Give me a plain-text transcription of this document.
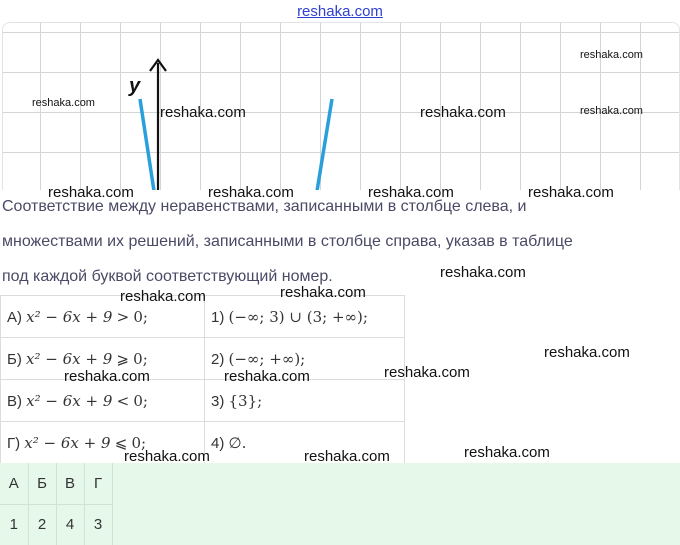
reshaka.com
y
reshaka.com
reshaka.com	reshaka.com
reshaka.com
reshaka.com
reshaka.com	reshaka.com	reshaka.com	reshaka.com
Соответствие между неравенствами, записанными в столбце слева, и
множествами их решений, записанными в столбце справа, указав в таблице
под каждой буквой соответствующий номер.	reshaka.com
А) x² − 6x + 9 > 0;	1) (−∞; 3) ∪ (3; +∞);
Б) x² − 6x + 9 ⩾ 0;	2) (−∞; +∞);
В) x² − 6x + 9 < 0;	3) {3};
Г) x² − 6x + 9 ⩽ 0;	4) ∅.
А	Б	В	Г
1	2	4	3
reshaka.com	reshaka.com
reshaka.com
reshaka.com	reshaka.com	reshaka.com
reshaka.com	reshaka.com	reshaka.com
